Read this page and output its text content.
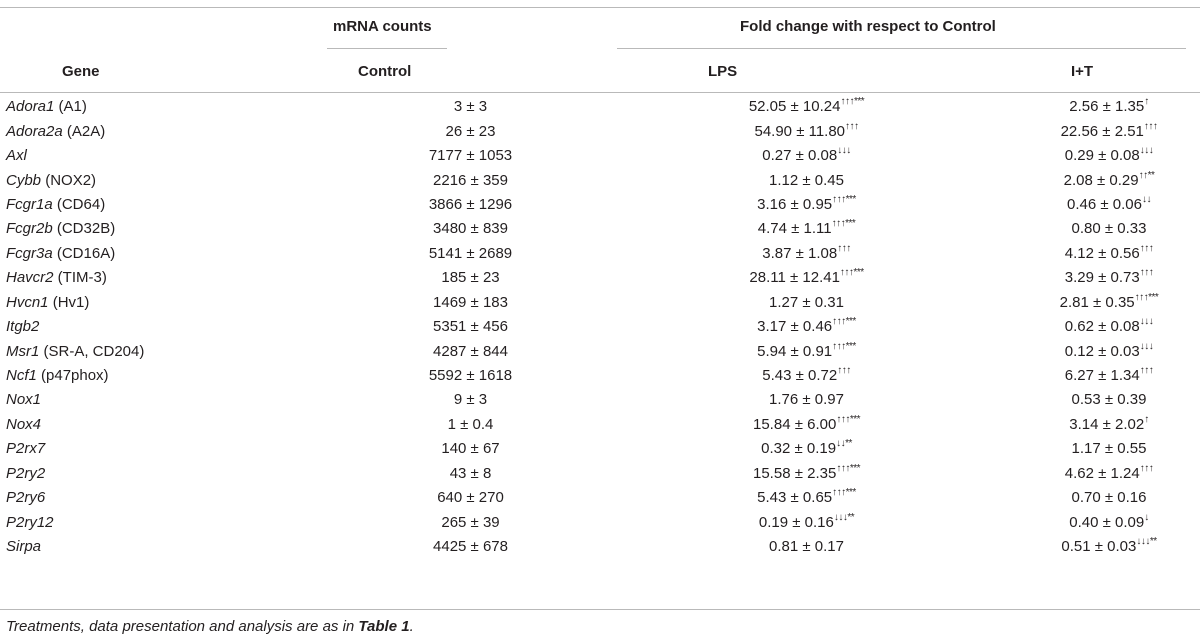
mRNA counts	Fold change with respect to Control
Gene	Control	LPS	I+T
Adora1 (A1)	3 ± 3	52.05 ± 10.24↑↑↑***	2.56 ± 1.35↑
Adora2a (A2A)	26 ± 23	54.90 ± 11.80↑↑↑	22.56 ± 2.51↑↑↑
Axl	7177 ± 1053	0.27 ± 0.08↓↓↓	0.29 ± 0.08↓↓↓
Cybb (NOX2)	2216 ± 359	1.12 ± 0.45	2.08 ± 0.29↑↑**
Fcgr1a (CD64)	3866 ± 1296	3.16 ± 0.95↑↑↑***	0.46 ± 0.06↓↓
Fcgr2b (CD32B)	3480 ± 839	4.74 ± 1.11↑↑↑***	0.80 ± 0.33
Fcgr3a (CD16A)	5141 ± 2689	3.87 ± 1.08↑↑↑	4.12 ± 0.56↑↑↑
Havcr2 (TIM-3)	185 ± 23	28.11 ± 12.41↑↑↑***	3.29 ± 0.73↑↑↑
Hvcn1 (Hv1)	1469 ± 183	1.27 ± 0.31	2.81 ± 0.35↑↑↑***
Itgb2	5351 ± 456	3.17 ± 0.46↑↑↑***	0.62 ± 0.08↓↓↓
Msr1 (SR-A, CD204)	4287 ± 844	5.94 ± 0.91↑↑↑***	0.12 ± 0.03↓↓↓
Ncf1 (p47phox)	5592 ± 1618	5.43 ± 0.72↑↑↑	6.27 ± 1.34↑↑↑
Nox1	9 ± 3	1.76 ± 0.97	0.53 ± 0.39
Nox4	1 ± 0.4	15.84 ± 6.00↑↑↑***	3.14 ± 2.02↑
P2rx7	140 ± 67	0.32 ± 0.19↓↓**	1.17 ± 0.55
P2ry2	43 ± 8	15.58 ± 2.35↑↑↑***	4.62 ± 1.24↑↑↑
P2ry6	640 ± 270	5.43 ± 0.65↑↑↑***	0.70 ± 0.16
P2ry12	265 ± 39	0.19 ± 0.16↓↓↓**	0.40 ± 0.09↓
Sirpa	4425 ± 678	0.81 ± 0.17	0.51 ± 0.03↓↓↓**
Treatments, data presentation and analysis are as in Table 1.
